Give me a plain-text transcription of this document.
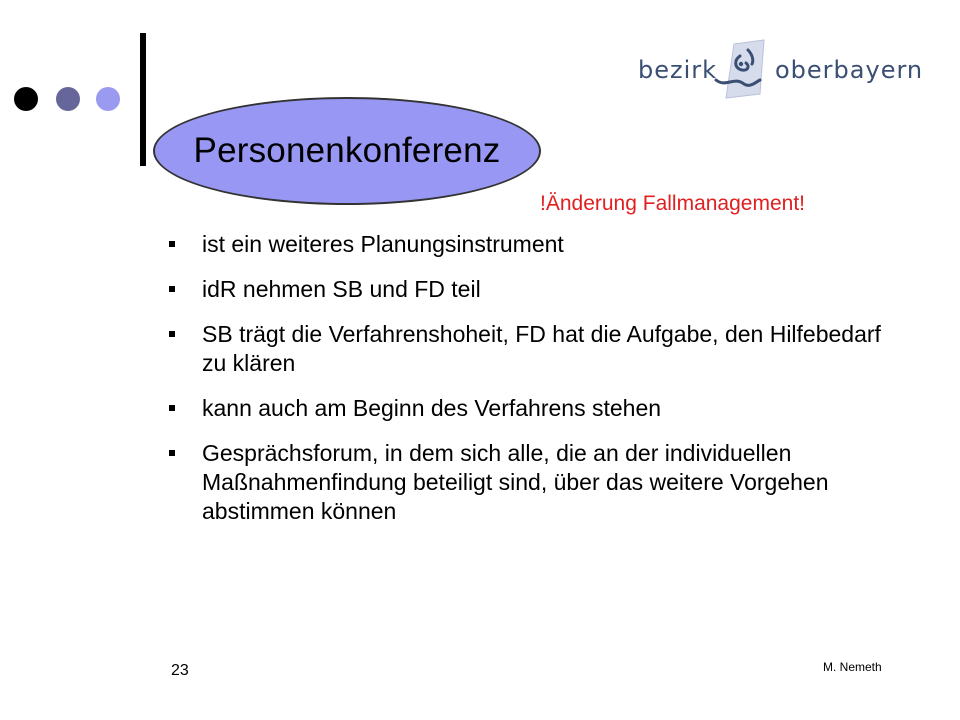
Personenkonferenz
bezirk oberbayern
!Änderung Fallmanagement!
ist ein weiteres Planungsinstrument
idR nehmen SB und FD teil
SB trägt die Verfahrenshoheit, FD hat die Aufgabe, den Hilfebedarf zu klären
kann auch am Beginn des Verfahrens stehen
Gesprächsforum, in dem sich alle, die an der individuellen Maßnahmenfindung beteiligt sind, über das weitere Vorgehen abstimmen können
23	M. Nemeth
